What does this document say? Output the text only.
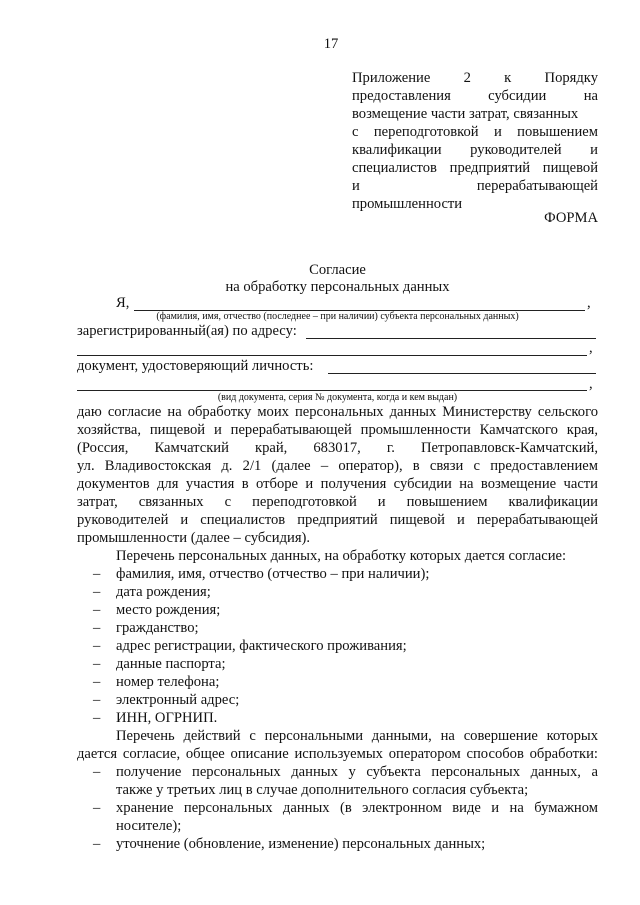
17
Приложение 2 к Порядку
предоставления субсидии на
возмещение части затрат, связанных
с переподготовкой и повышением
квалификации руководителей и
специалистов предприятий пищевой
и перерабатывающей
промышленности
ФОРМА
Согласие
на обработку персональных данных
Я,	,
(фамилия, имя, отчество (последнее – при наличии) субъекта персональных данных)
зарегистрированный(ая) по адресу:
,
документ, удостоверяющий личность:
,
(вид документа, серия № документа, когда и кем выдан)
даю согласие на обработку моих персональных данных Министерству сельского
хозяйства, пищевой и перерабатывающей промышленности Камчатского края,
(Россия, Камчатский край, 683017, г. Петропавловск-Камчатский,
ул. Владивостокская д. 2/1 (далее – оператор), в связи с предоставлением
документов для участия в отборе и получения субсидии на возмещение части
затрат, связанных с переподготовкой и повышением квалификации
руководителей и специалистов предприятий пищевой и перерабатывающей
промышленности (далее – субсидия).
Перечень персональных данных, на обработку которых дается согласие:
– фамилия, имя, отчество (отчество – при наличии);
– дата рождения;
– место рождения;
– гражданство;
– адрес регистрации, фактического проживания;
– данные паспорта;
– номер телефона;
– электронный адрес;
– ИНН, ОГРНИП.
Перечень действий с персональными данными, на совершение которых
дается согласие, общее описание используемых оператором способов обработки:
– получение персональных данных у субъекта персональных данных, а
также у третьих лиц в случае дополнительного согласия субъекта;
– хранение персональных данных (в электронном виде и на бумажном
носителе);
– уточнение (обновление, изменение) персональных данных;
